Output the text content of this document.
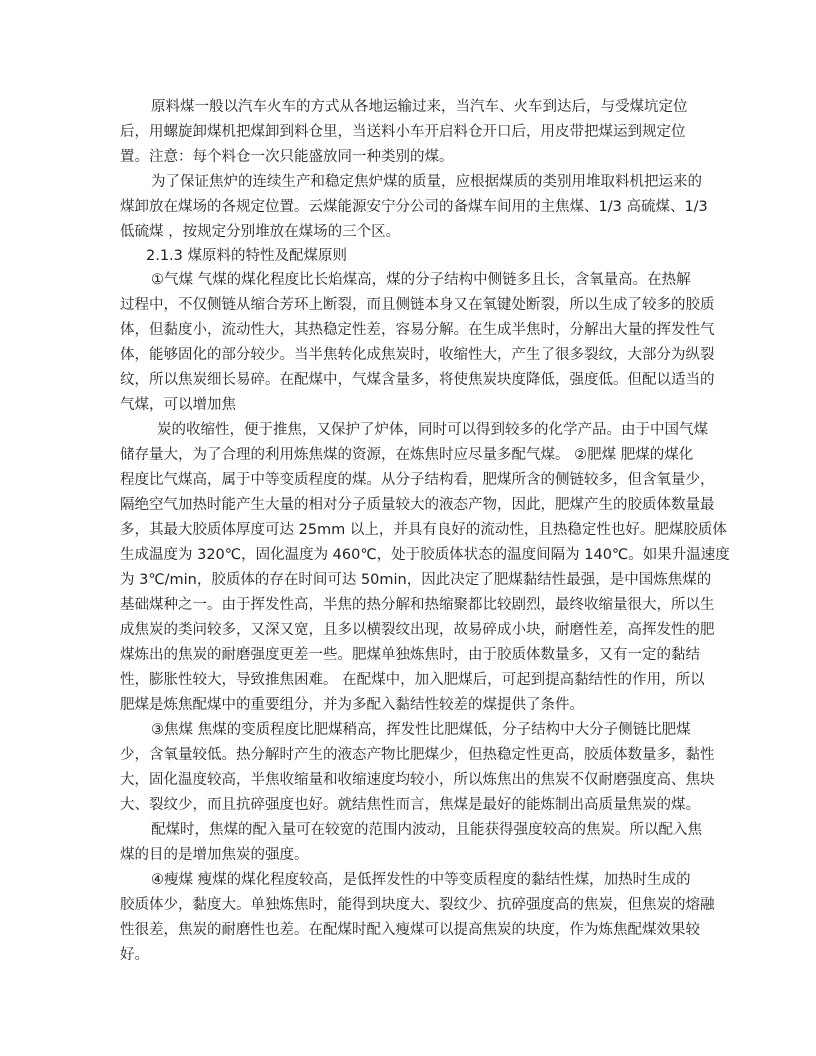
原料煤一般以汽车火车的方式从各地运输过来，当汽车、火车到达后，与受煤坑定位
后，用螺旋卸煤机把煤卸到料仓里，当送料小车开启料仓开口后，用皮带把煤运到规定位
置。注意：每个料仓一次只能盛放同一种类别的煤。
为了保证焦炉的连续生产和稳定焦炉煤的质量，应根据煤质的类别用堆取料机把运来的
煤卸放在煤场的各规定位置。云煤能源安宁分公司的备煤车间用的主焦煤、1/3 高硫煤、1/3
低硫煤 ，按规定分别堆放在煤场的三个区。
2.1.3 煤原料的特性及配煤原则
①气煤 气煤的煤化程度比长焰煤高，煤的分子结构中侧链多且长，含氧量高。在热解
过程中，不仅侧链从缩合芳环上断裂，而且侧链本身又在氧键处断裂，所以生成了较多的胶质
体，但黏度小，流动性大，其热稳定性差，容易分解。在生成半焦时，分解出大量的挥发性气
体，能够固化的部分较少。当半焦转化成焦炭时，收缩性大，产生了很多裂纹，大部分为纵裂
纹，所以焦炭细长易碎。在配煤中，气煤含量多，将使焦炭块度降低，强度低。但配以适当的
气煤，可以增加焦
炭的收缩性，便于推焦，又保护了炉体，同时可以得到较多的化学产品。由于中国气煤
储存量大，为了合理的利用炼焦煤的资源，在炼焦时应尽量多配气煤。 ②肥煤 肥煤的煤化
程度比气煤高，属于中等变质程度的煤。从分子结构看，肥煤所含的侧链较多，但含氧量少，
隔绝空气加热时能产生大量的相对分子质量较大的液态产物，因此，肥煤产生的胶质体数量最
多，其最大胶质体厚度可达 25mm 以上，并具有良好的流动性，且热稳定性也好。肥煤胶质体
生成温度为 320℃，固化温度为 460℃，处于胶质体状态的温度间隔为 140℃。如果升温速度
为 3℃/min，胶质体的存在时间可达 50min，因此决定了肥煤黏结性最强，是中国炼焦煤的
基础煤种之一。由于挥发性高，半焦的热分解和热缩聚都比较剧烈，最终收缩量很大，所以生
成焦炭的类问较多，又深又宽，且多以横裂纹出现，故易碎成小块，耐磨性差，高挥发性的肥
煤炼出的焦炭的耐磨强度更差一些。肥煤单独炼焦时，由于胶质体数量多，又有一定的黏结
性，膨胀性较大，导致推焦困难。 在配煤中，加入肥煤后，可起到提高黏结性的作用，所以
肥煤是炼焦配煤中的重要组分，并为多配入黏结性较差的煤提供了条件。
③焦煤 焦煤的变质程度比肥煤稍高，挥发性比肥煤低，分子结构中大分子侧链比肥煤
少，含氧量较低。热分解时产生的液态产物比肥煤少，但热稳定性更高，胶质体数量多，黏性
大，固化温度较高，半焦收缩量和收缩速度均较小，所以炼焦出的焦炭不仅耐磨强度高、焦块
大、裂纹少，而且抗碎强度也好。就结焦性而言，焦煤是最好的能炼制出高质量焦炭的煤。
配煤时，焦煤的配入量可在较宽的范围内波动，且能获得强度较高的焦炭。所以配入焦
煤的目的是增加焦炭的强度。
④瘦煤 瘦煤的煤化程度较高，是低挥发性的中等变质程度的黏结性煤，加热时生成的
胶质体少，黏度大。单独炼焦时，能得到块度大、裂纹少、抗碎强度高的焦炭，但焦炭的熔融
性很差，焦炭的耐磨性也差。在配煤时配入瘦煤可以提高焦炭的块度，作为炼焦配煤效果较
好。
